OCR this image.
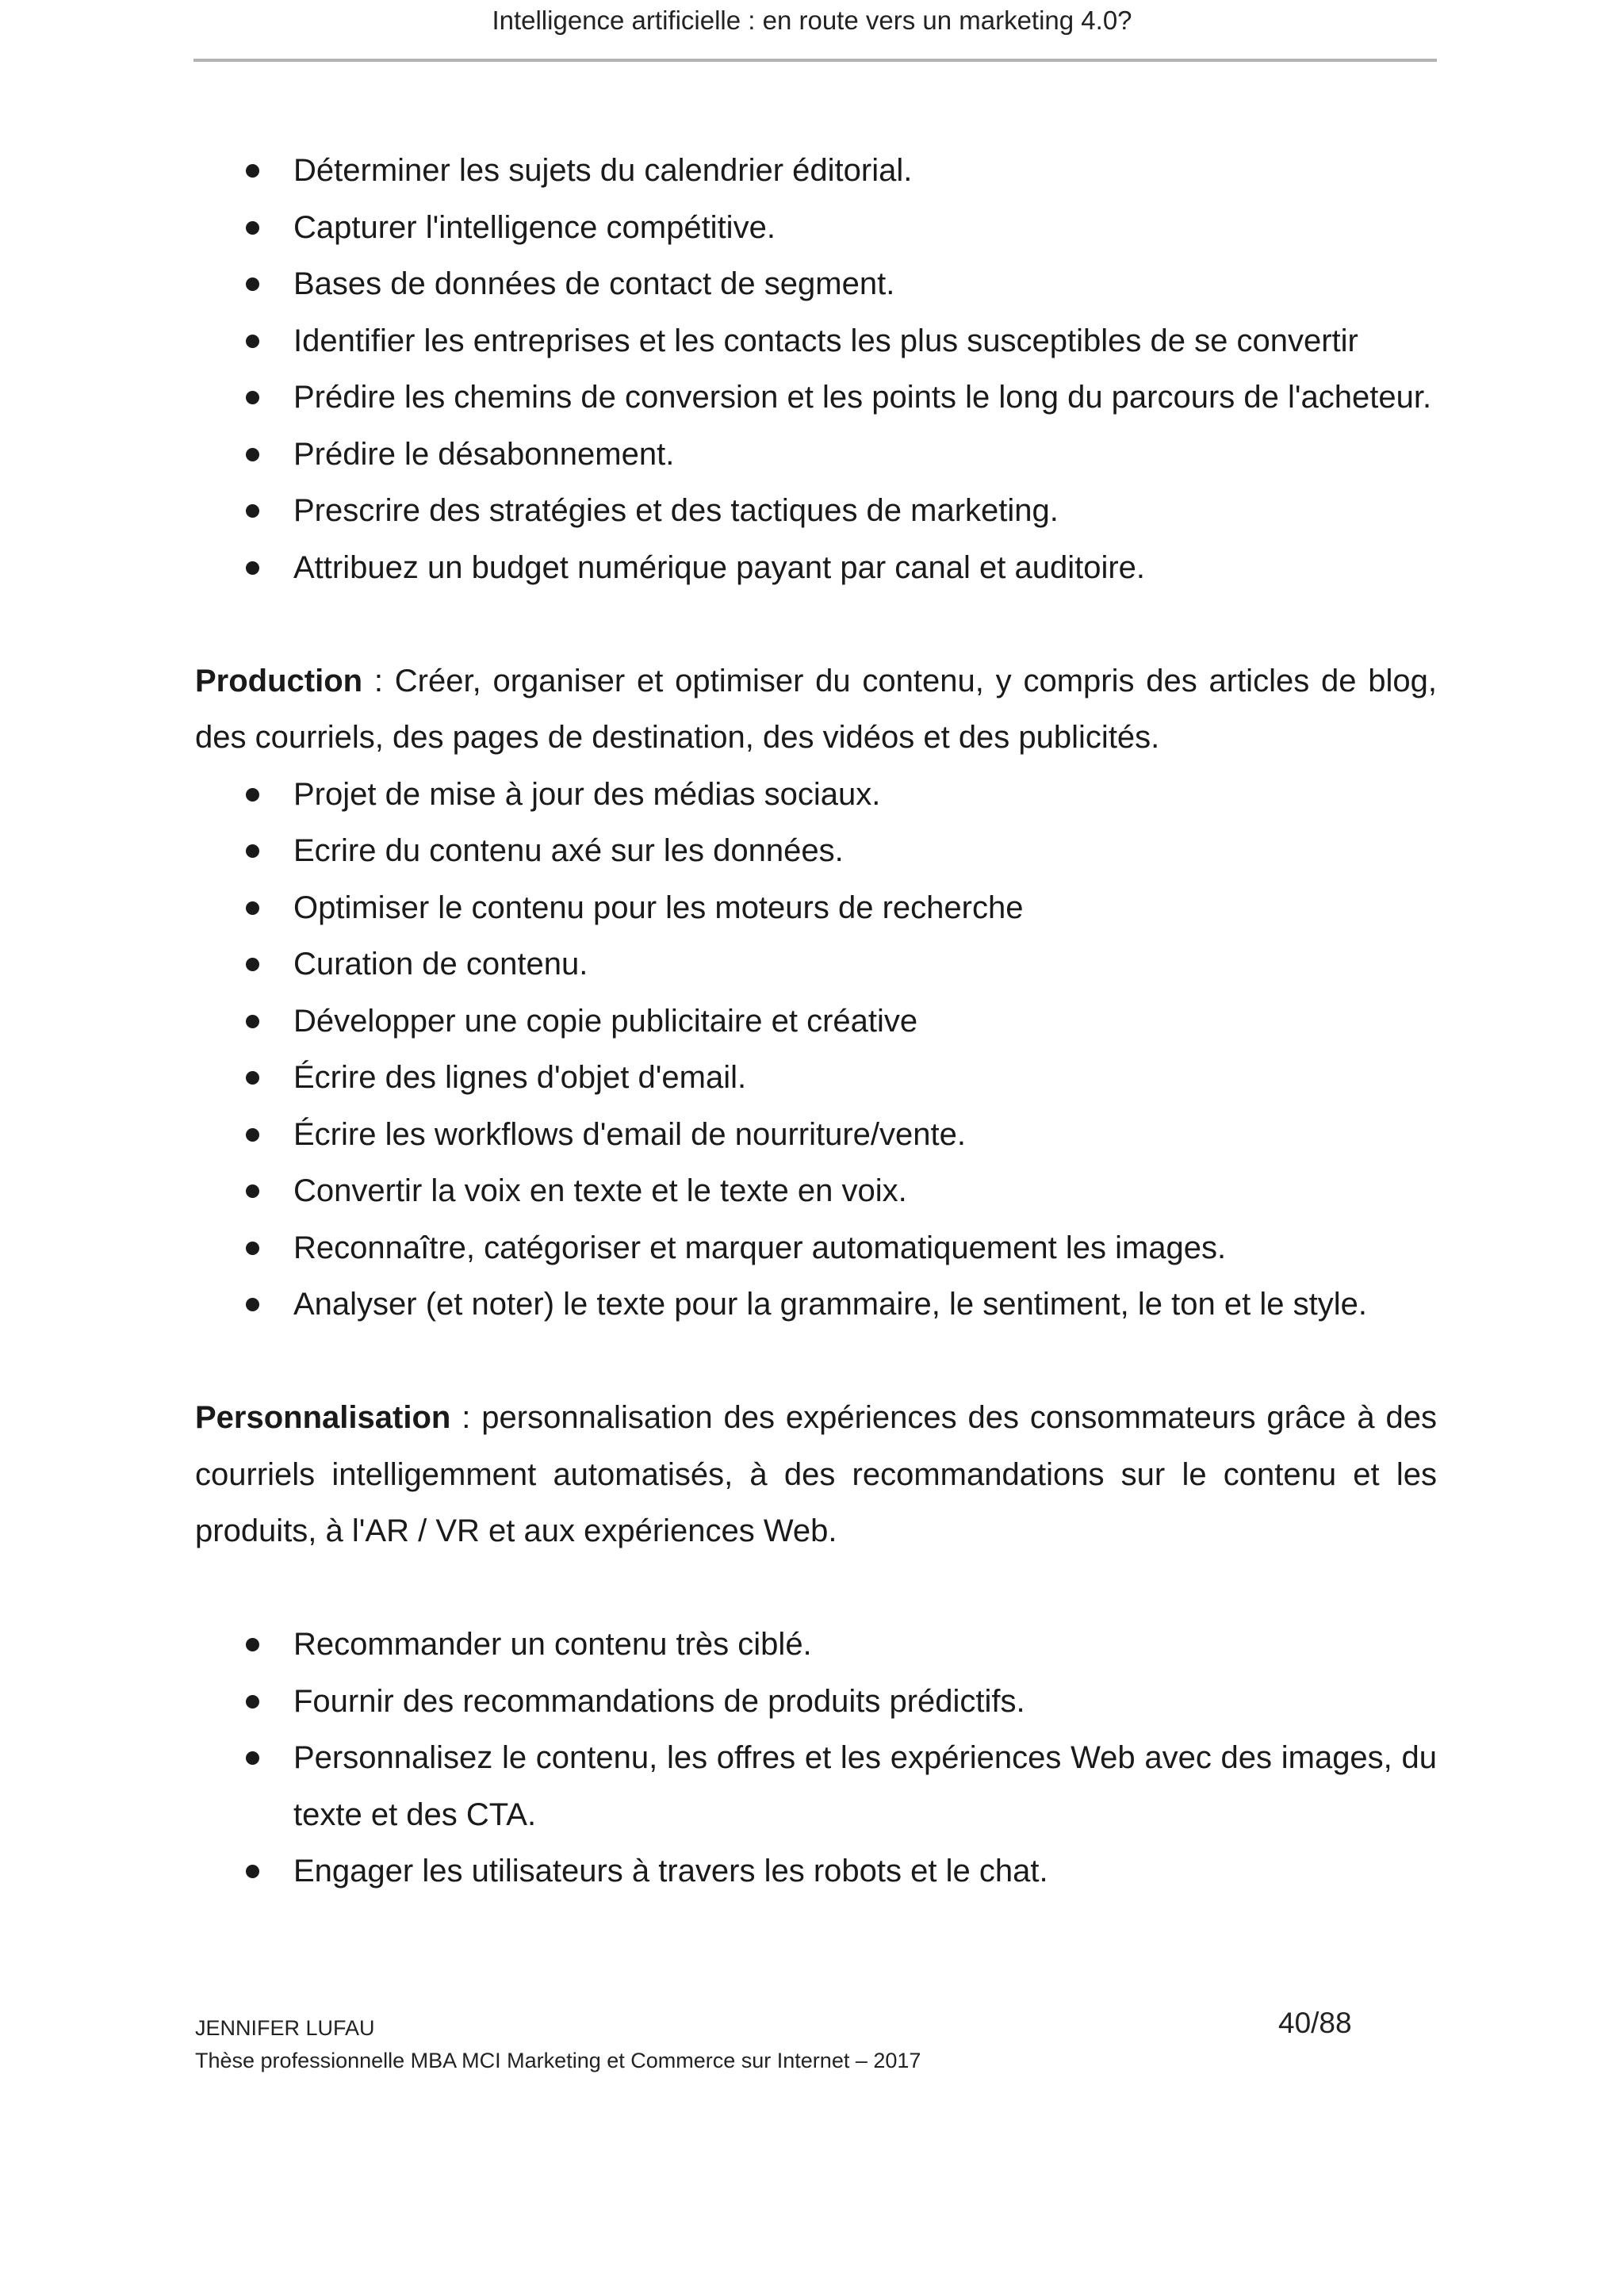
Intelligence artificielle : en route vers un marketing 4.0?
Déterminer les sujets du calendrier éditorial.
Capturer l'intelligence compétitive.
Bases de données de contact de segment.
Identifier les entreprises et les contacts les plus susceptibles de se convertir
Prédire les chemins de conversion et les points le long du parcours de l'acheteur.
Prédire le désabonnement.
Prescrire des stratégies et des tactiques de marketing.
Attribuez un budget numérique payant par canal et auditoire.

Production : Créer, organiser et optimiser du contenu, y compris des articles de blog, des courriels, des pages de destination, des vidéos et des publicités.

Projet de mise à jour des médias sociaux.
Ecrire du contenu axé sur les données.
Optimiser le contenu pour les moteurs de recherche
Curation de contenu.
Développer une copie publicitaire et créative
Écrire des lignes d'objet d'email.
Écrire les workflows d'email de nourriture/vente.
Convertir la voix en texte et le texte en voix.
Reconnaître, catégoriser et marquer automatiquement les images.
Analyser (et noter) le texte pour la grammaire, le sentiment, le ton et le style.

Personnalisation : personnalisation des expériences des consommateurs grâce à des courriels intelligemment automatisés, à des recommandations sur le contenu et les produits, à l'AR / VR et aux expériences Web.

Recommander un contenu très ciblé.
Fournir des recommandations de produits prédictifs.
Personnalisez le contenu, les offres et les expériences Web avec des images, du texte et des CTA.
Engager les utilisateurs à travers les robots et le chat.
JENNIFER LUFAU
Thèse professionnelle MBA MCI Marketing et Commerce sur Internet – 2017
40/88
